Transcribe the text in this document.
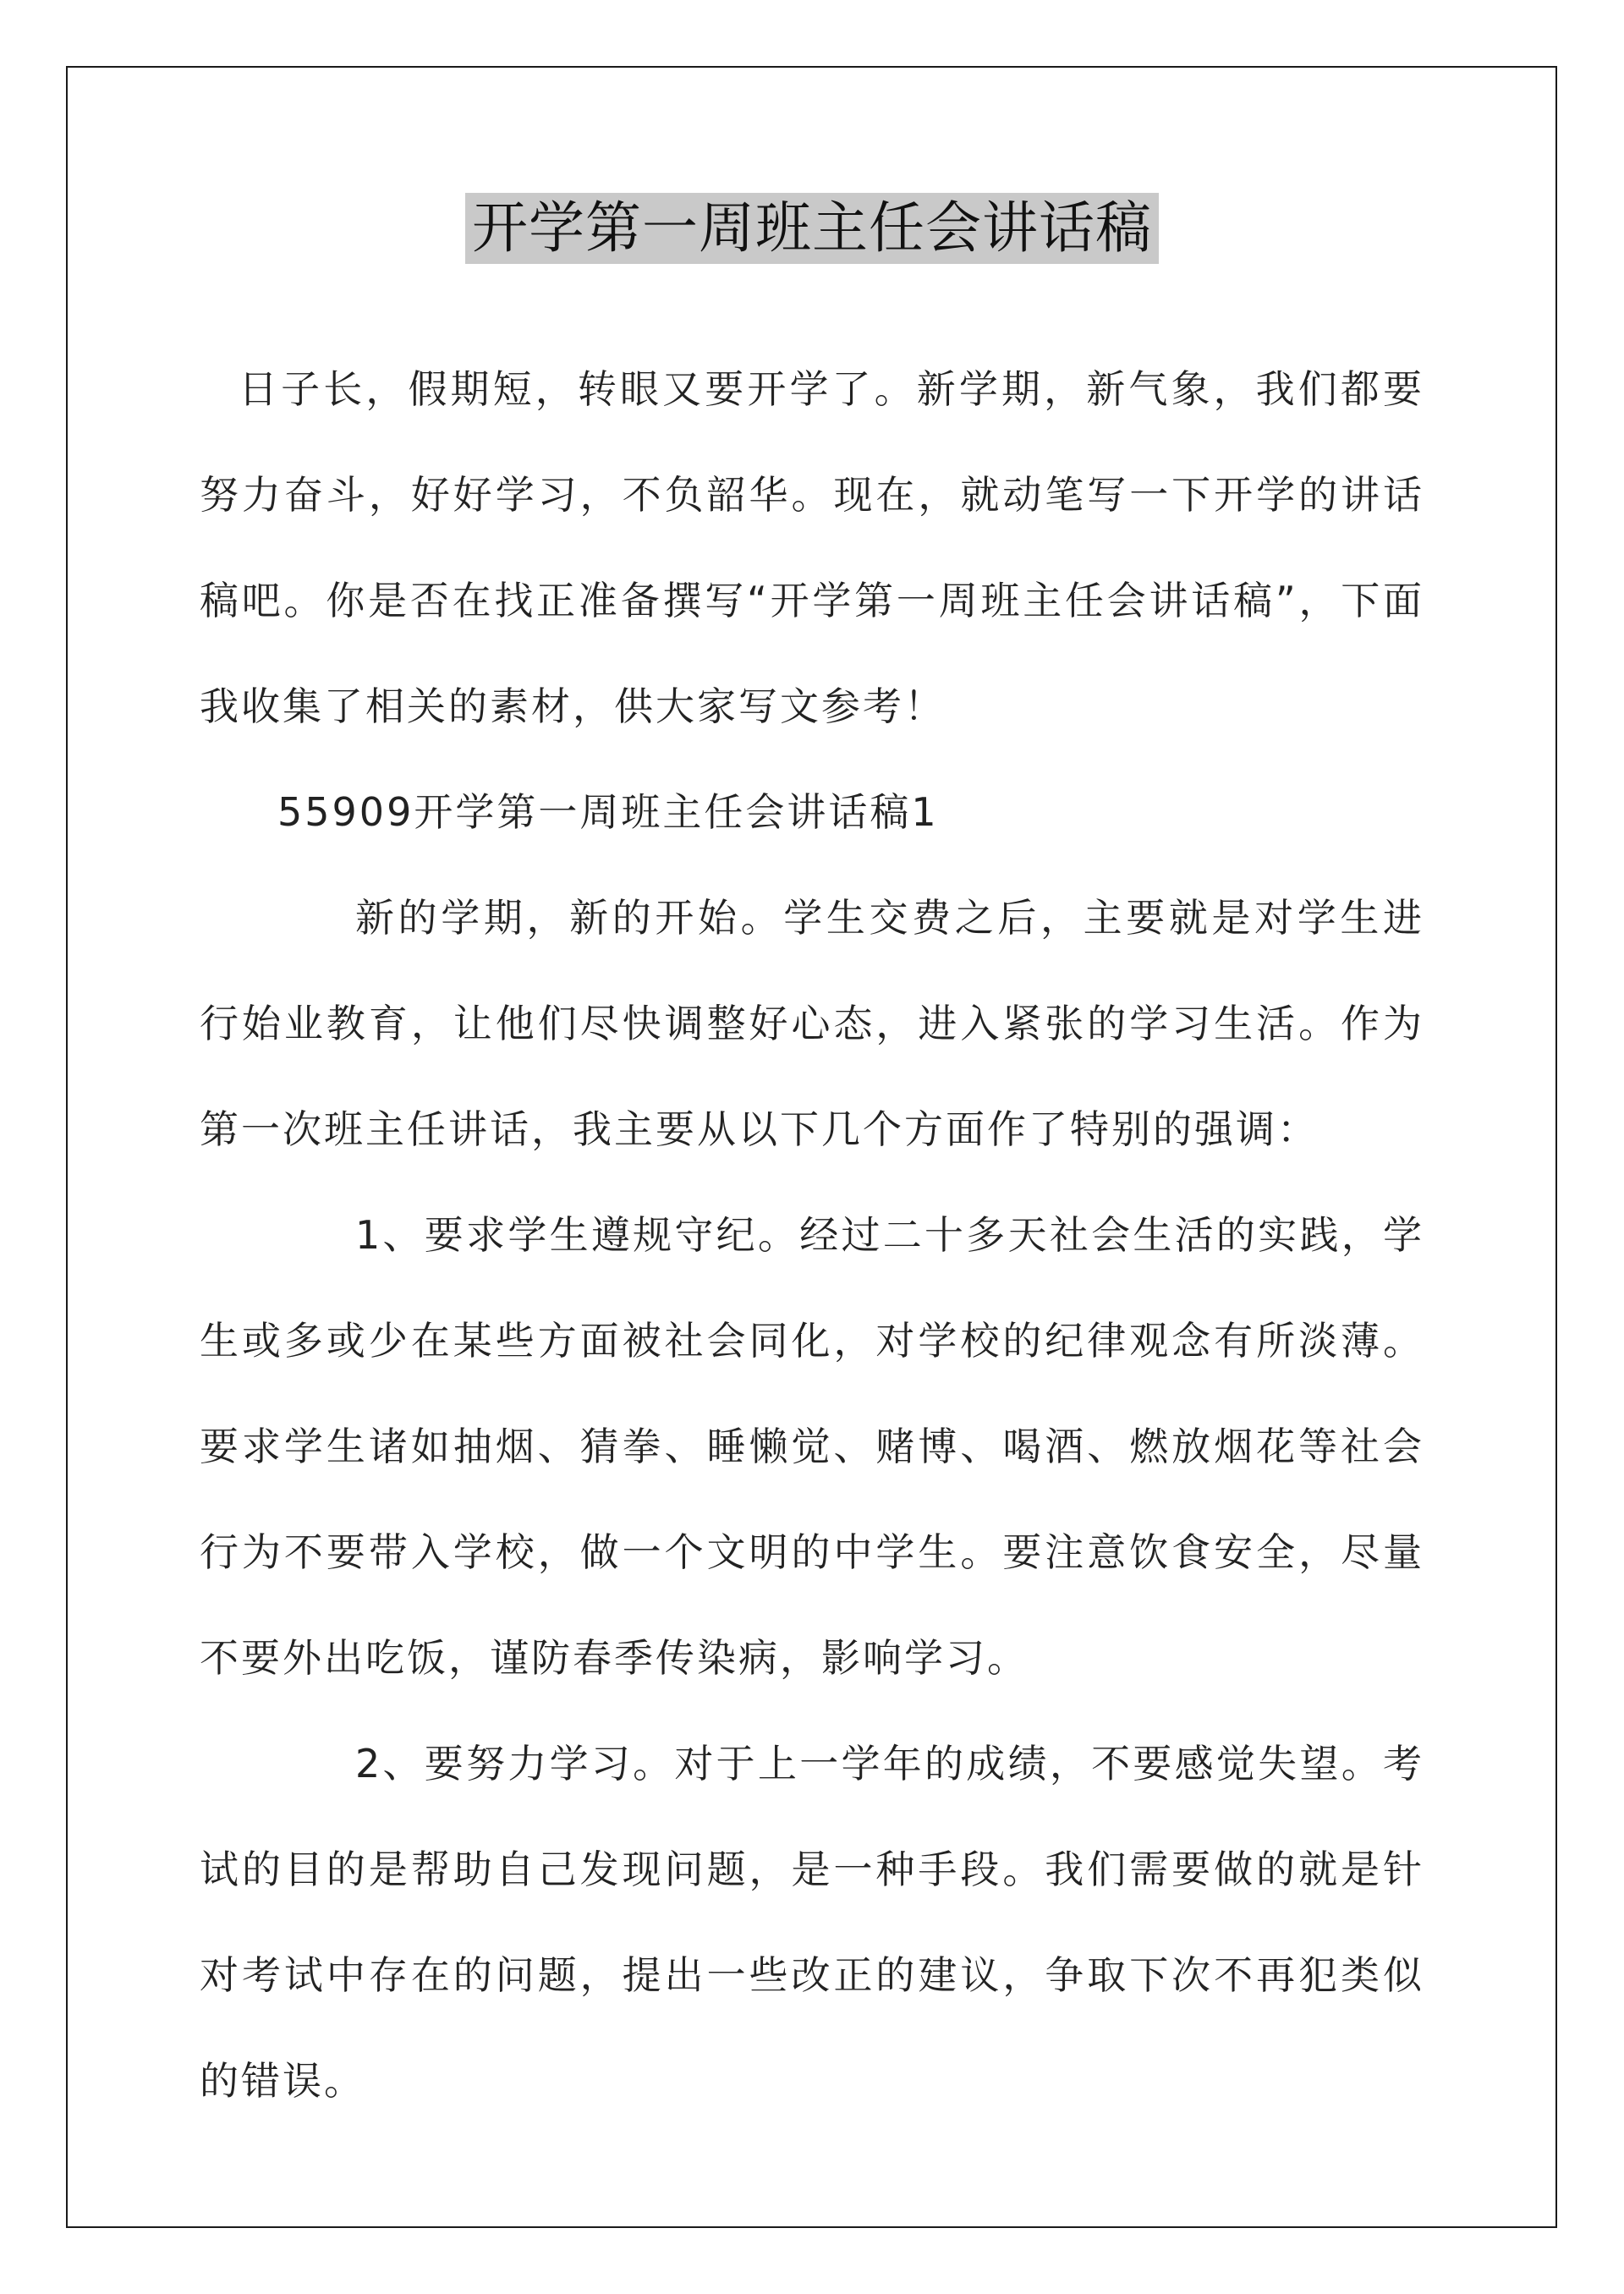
开学第一周班主任会讲话稿

日子长，假期短，转眼又要开学了。新学期，新气象，我们都要努力奋斗，好好学习，不负韶华。现在，就动笔写一下开学的讲话稿吧。你是否在找正准备撰写“开学第一周班主任会讲话稿”，下面我收集了相关的素材，供大家写文参考！

55909开学第一周班主任会讲话稿1

新的学期，新的开始。学生交费之后，主要就是对学生进行始业教育，让他们尽快调整好心态，进入紧张的学习生活。作为第一次班主任讲话，我主要从以下几个方面作了特别的强调：

1、要求学生遵规守纪。经过二十多天社会生活的实践，学生或多或少在某些方面被社会同化，对学校的纪律观念有所淡薄。要求学生诸如抽烟、猜拳、睡懒觉、赌博、喝酒、燃放烟花等社会行为不要带入学校，做一个文明的中学生。要注意饮食安全，尽量不要外出吃饭，谨防春季传染病，影响学习。

2、要努力学习。对于上一学年的成绩，不要感觉失望。考试的目的是帮助自己发现问题，是一种手段。我们需要做的就是针对考试中存在的问题，提出一些改正的建议，争取下次不再犯类似的错误。
